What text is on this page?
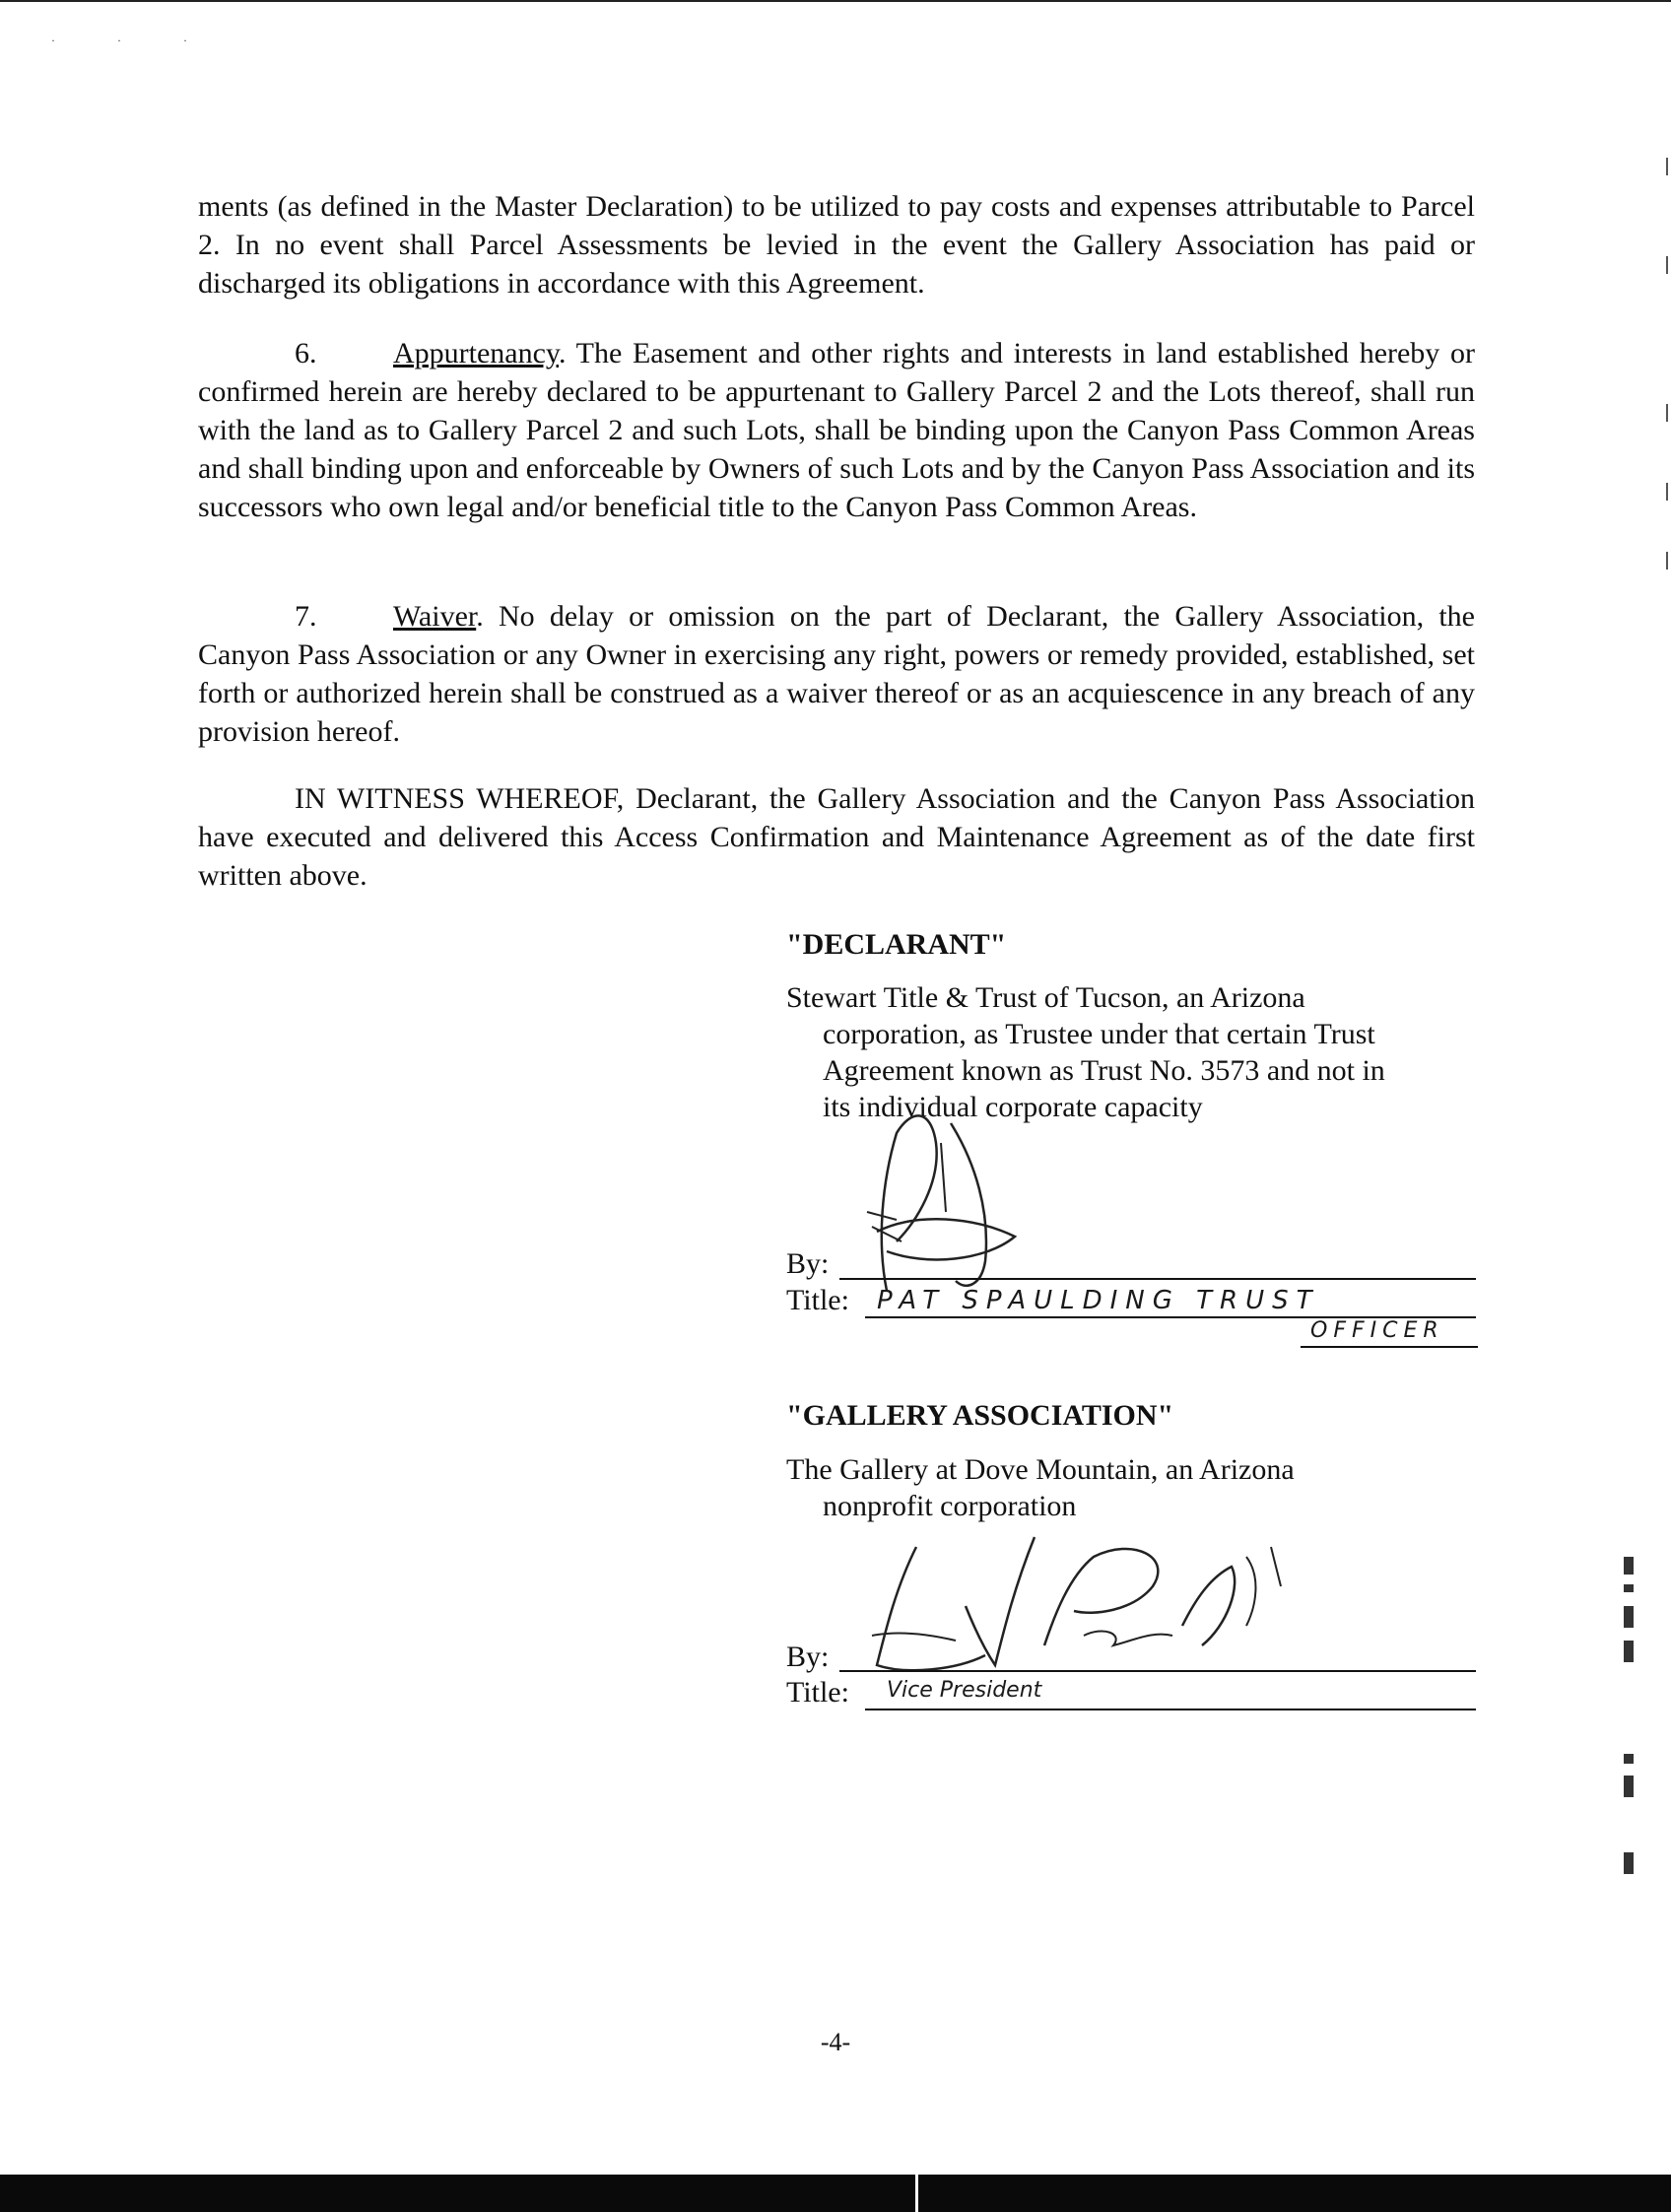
· · ·

ments (as defined in the Master Declaration) to be utilized to pay costs and expenses attributable to Parcel 2. In no event shall Parcel Assessments be levied in the event the Gallery Association has paid or discharged its obligations in accordance with this Agreement.

6.	Appurtenancy. The Easement and other rights and interests in land established hereby or confirmed herein are hereby declared to be appurtenant to Gallery Parcel 2 and the Lots thereof, shall run with the land as to Gallery Parcel 2 and such Lots, shall be binding upon the Canyon Pass Common Areas and shall binding upon and enforceable by Owners of such Lots and by the Canyon Pass Association and its successors who own legal and/or beneficial title to the Canyon Pass Common Areas.

7.	Waiver. No delay or omission on the part of Declarant, the Gallery Association, the Canyon Pass Association or any Owner in exercising any right, powers or remedy provided, established, set forth or authorized herein shall be construed as a waiver thereof or as an acquiescence in any breach of any provision hereof.

IN WITNESS WHEREOF, Declarant, the Gallery Association and the Canyon Pass Association have executed and delivered this Access Confirmation and Maintenance Agreement as of the date first written above.

"DECLARANT"

Stewart Title & Trust of Tucson, an Arizona

corporation, as Trustee under that certain Trust

Agreement known as Trust No. 3573 and not in

its individual corporate capacity

By:
Title: PAT SPAULDING TRUST
OFFICER

"GALLERY ASSOCIATION"

The Gallery at Dove Mountain, an Arizona

nonprofit corporation

By:
Title: Vice President
-4-
